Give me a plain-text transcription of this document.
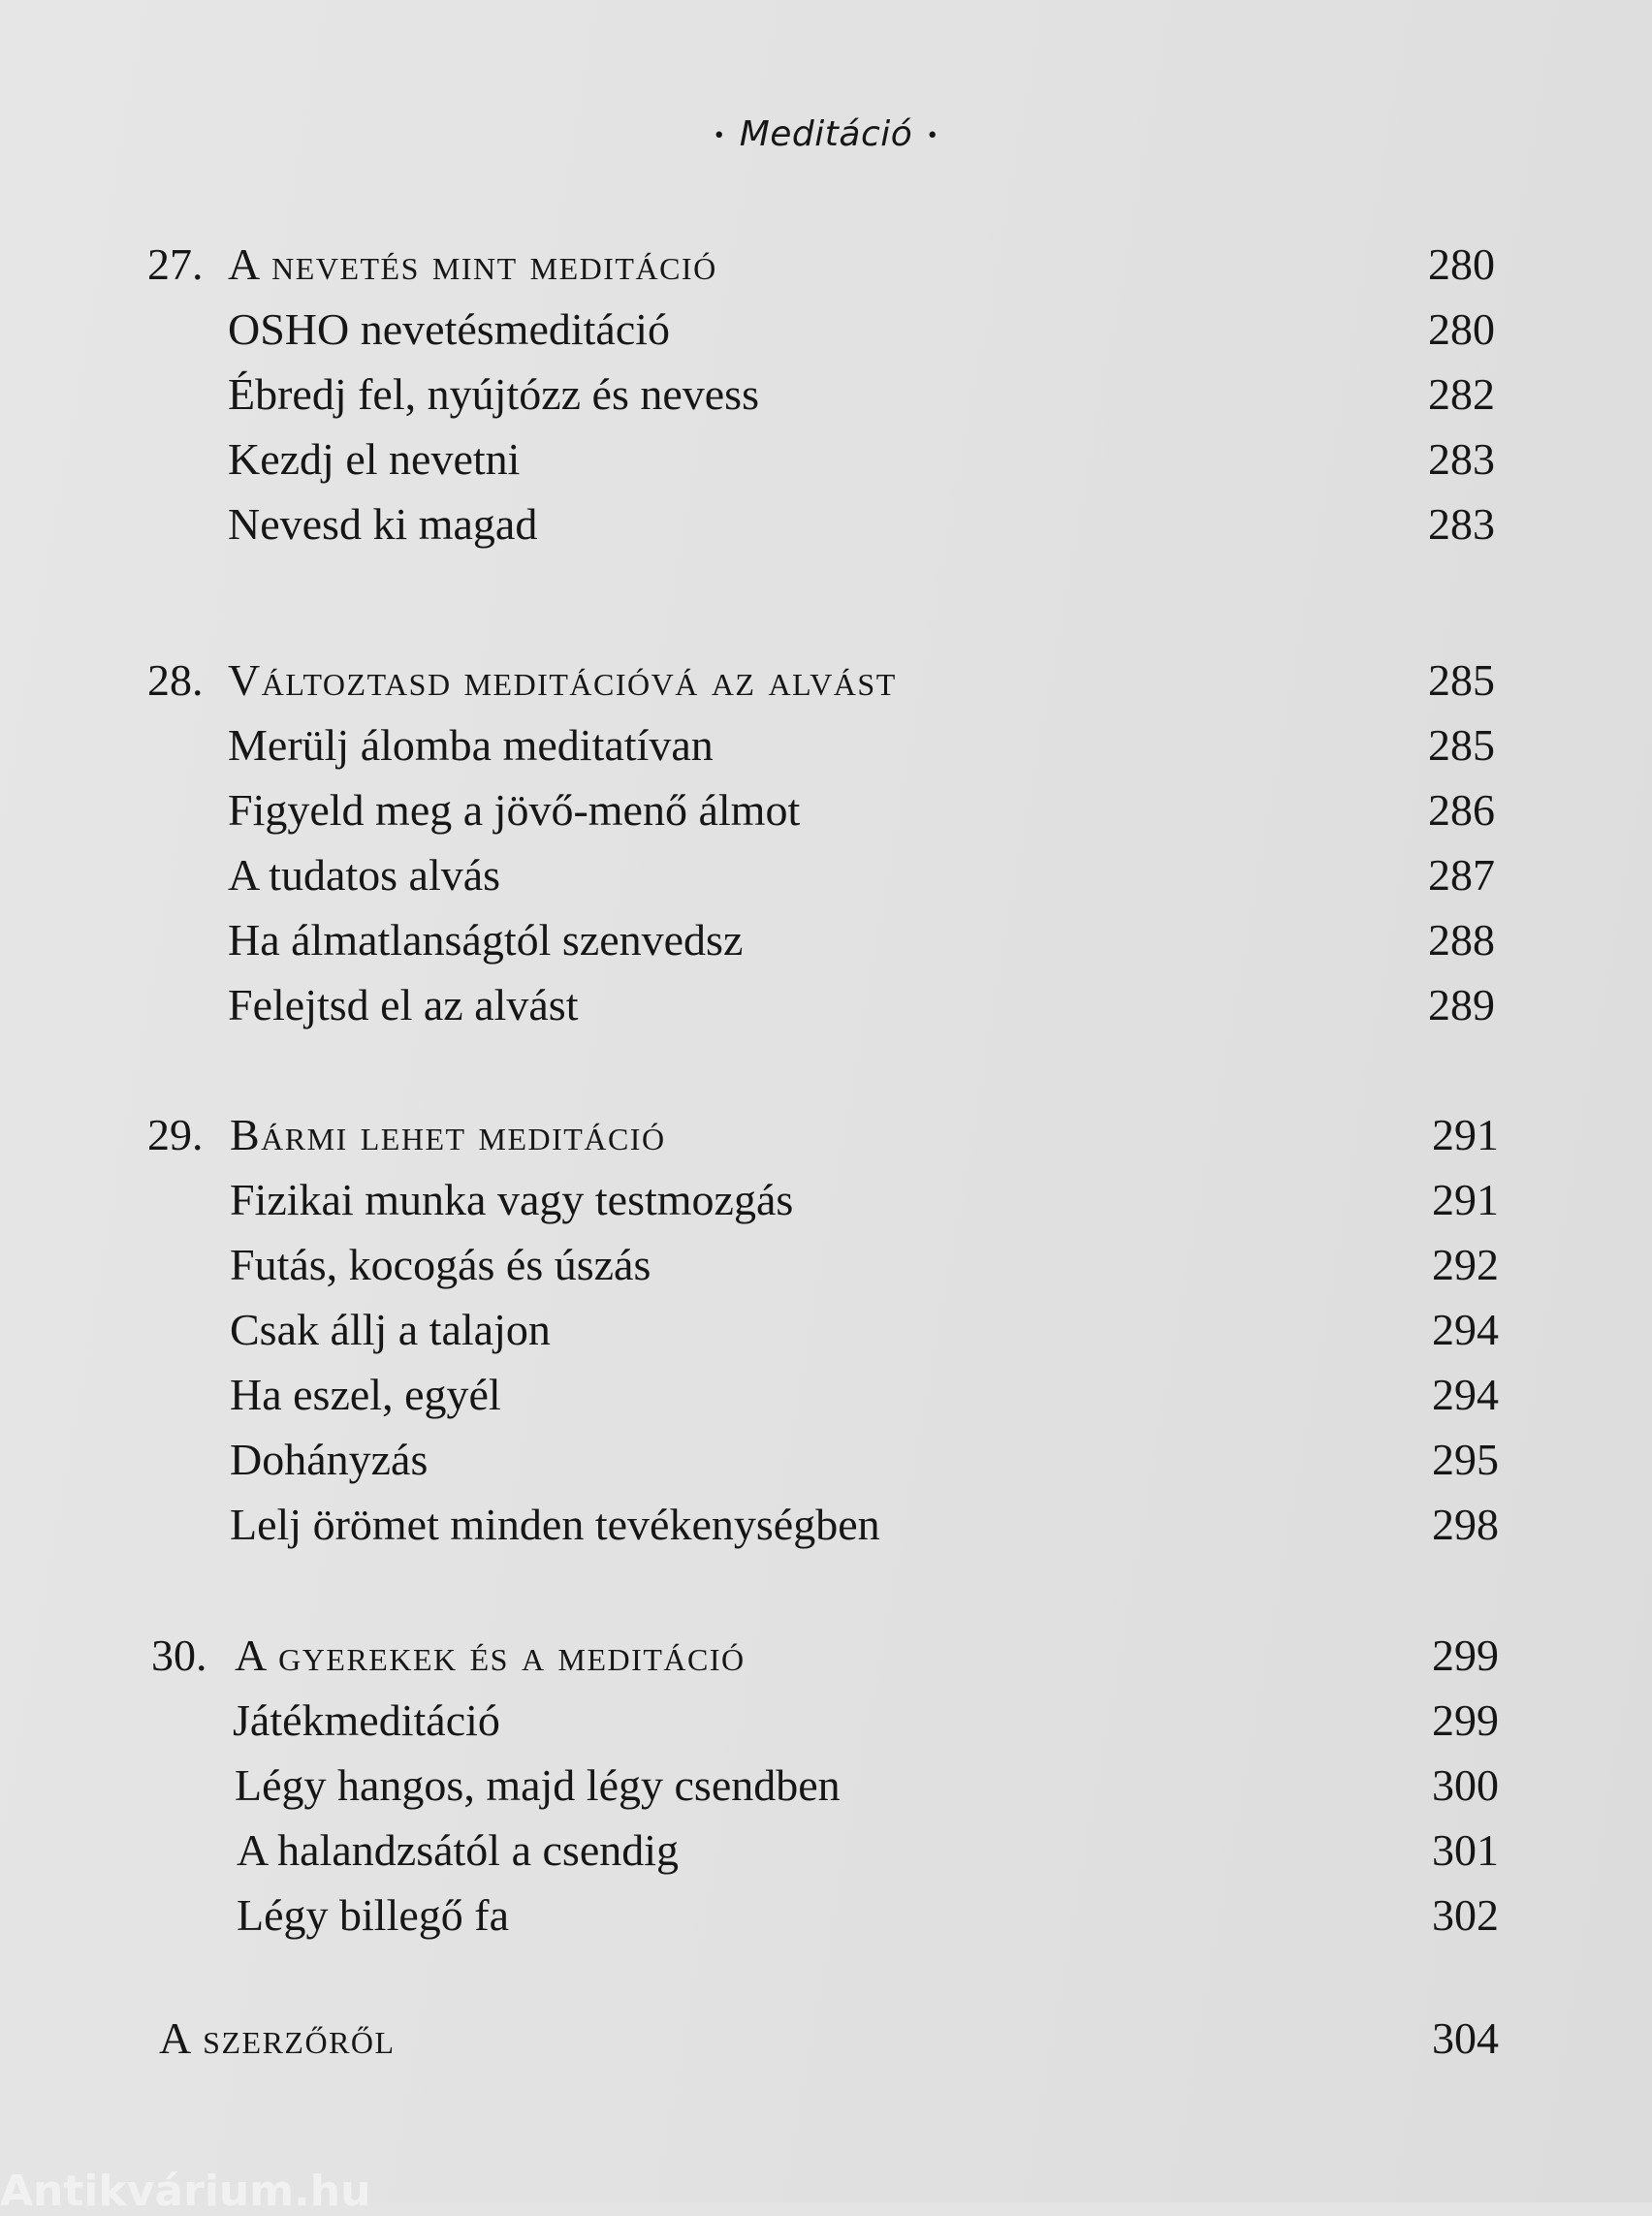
• Meditáció •
27. A nevetés mint meditáció	280
OSHO nevetésmeditáció	280
Ébredj fel, nyújtózz és nevess	282
Kezdj el nevetni	283
Nevesd ki magad	283
28. Változtasd meditációvá az alvást	285
Merülj álomba meditatívan	285
Figyeld meg a jövő-menő álmot	286
A tudatos alvás	287
Ha álmatlanságtól szenvedsz	288
Felejtsd el az alvást	289
29. Bármi lehet meditáció	291
Fizikai munka vagy testmozgás	291
Futás, kocogás és úszás	292
Csak állj a talajon	294
Ha eszel, egyél	294
Dohányzás	295
Lelj örömet minden tevékenységben	298
30. A gyerekek és a meditáció	299
Játékmeditáció	299
Légy hangos, majd légy csendben	300
A halandzsától a csendig	301
Légy billegő fa	302
A szerzőről	304
Antikvárium.hu
